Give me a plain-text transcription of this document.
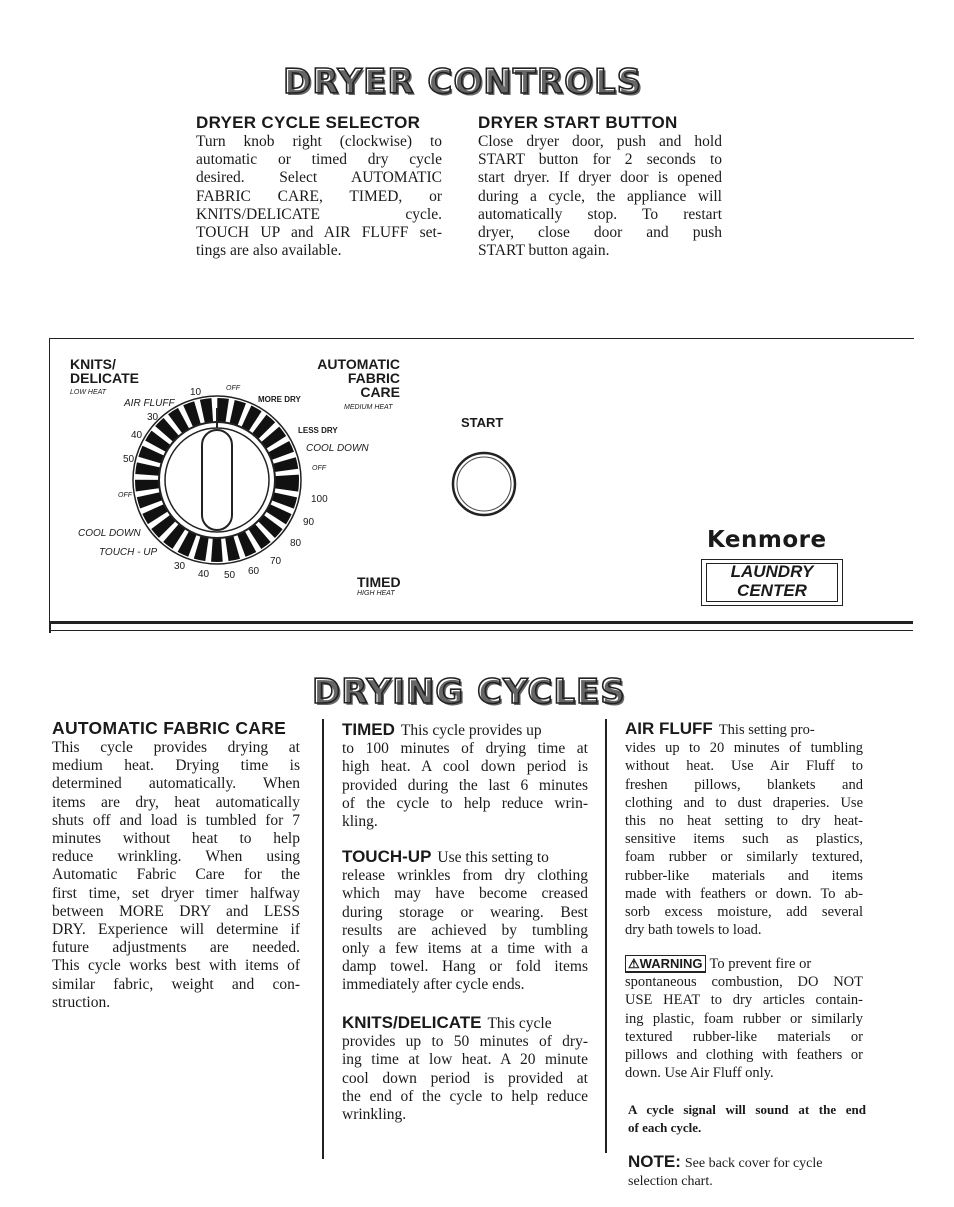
DRYER CONTROLS
DRYER CYCLE SELECTOR
Turn knob right (clockwise) to
automatic or timed dry cycle
desired. Select AUTOMATIC
FABRIC CARE, TIMED, or
KNITS/DELICATE cycle.
TOUCH UP and AIR FLUFF set-
tings are also available.
DRYER START BUTTON
Close dryer door, push and hold
START button for 2 seconds to
start dryer. If dryer door is opened
during a cycle, the appliance will
automatically stop. To restart
dryer, close door and push
START button again.
KNITS/
DELICATE
LOW HEAT
AUTOMATIC
FABRIC
CARE
MEDIUM HEAT
TIMED
HIGH HEAT
AIR FLUFF
OFF
10
MORE DRY
LESS DRY
COOL DOWN
OFF
100
90
80
70
60
50
40
30
TOUCH - UP
COOL DOWN
OFF
50
40
30	START
Kenmore
LAUNDRY
CENTER
DRYING CYCLES
AUTOMATIC FABRIC CARE
This cycle provides drying at
medium heat. Drying time is
determined automatically. When
items are dry, heat automatically
shuts off and load is tumbled for 7
minutes without heat to help
reduce wrinkling. When using
Automatic Fabric Care for the
first time, set dryer timer halfway
between MORE DRY and LESS
DRY. Experience will determine if
future adjustments are needed.
This cycle works best with items of
similar fabric, weight and con-
struction.
TIMED This cycle provides up
to 100 minutes of drying time at
high heat. A cool down period is
provided during the last 6 minutes
of the cycle to help reduce wrin-
kling.
TOUCH-UP Use this setting to
release wrinkles from dry clothing
which may have become creased
during storage or wearing. Best
results are achieved by tumbling
only a few items at a time with a
damp towel. Hang or fold items
immediately after cycle ends.
KNITS/DELICATE This cycle
provides up to 50 minutes of dry-
ing time at low heat. A 20 minute
cool down period is provided at
the end of the cycle to help reduce
wrinkling.
AIR FLUFF This setting pro-
vides up to 20 minutes of tumbling
without heat. Use Air Fluff to
freshen pillows, blankets and
clothing and to dust draperies. Use
this no heat setting to dry heat-
sensitive items such as plastics,
foam rubber or similarly textured,
rubber-like materials and items
made with feathers or down. To ab-
sorb excess moisture, add several
dry bath towels to load.
⚠WARNING To prevent fire or
spontaneous combustion, DO NOT
USE HEAT to dry articles contain-
ing plastic, foam rubber or similarly
textured rubber-like materials or
pillows and clothing with feathers or
down. Use Air Fluff only.
A cycle signal will sound at the end
of each cycle.
NOTE: See back cover for cycle
selection chart.
